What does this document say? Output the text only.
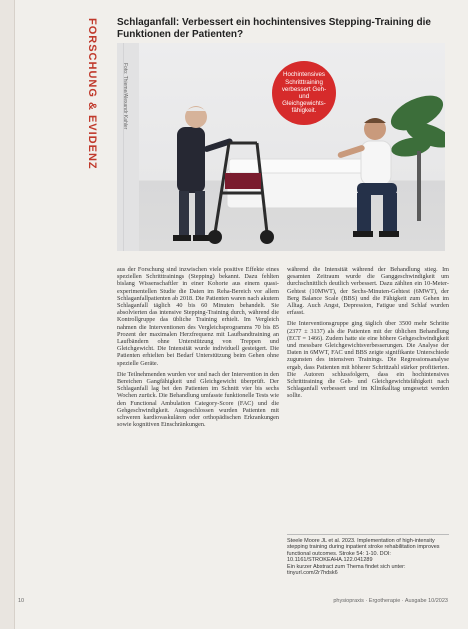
FORSCHUNG & EVIDENZ Schlaganfall: Verbessert ein hochintensives Stepping-Training die Funktionen der Patienten?
Hochintensives Schritttraining verbessert Geh- und Gleichgewichts- fähigkeit.
Foto: Thieme/Alexandr Kahler

aus der Forschung sind inzwischen viele positive Effekte eines speziellen Schritttrainings (Stepping) bekannt. Dazu fehlten bislang Wissenschaftler in einer Kohorte aus einem quasi-experimentellen Studie die Daten im Reha-Bereich vor allem Schlaganfallpatienten ab 2018. Die Patienten waren nach akutem Schlaganfall täglich 40 bis 60 Minuten behandelt. Sie absolvierten das intensive Stepping-Training durch, während die Kontrollgruppe das übliche Training erhielt. Im Vergleich nahmen die Interventionen des Vergleichsprogramms 70 bis 85 Prozent der maximalen Herzfrequenz mit Laufbandtraining an Laufbändern ohne Unterstützung von Treppen und Gleichgewicht. Die Intensität wurde individuell gesteigert. Die Patienten erhielten bei Bedarf Unterstützung beim Gehen ohne spezielle Geräte.

Die Teilnehmenden wurden vor und nach der Intervention in den Bereichen Gangfähigkeit und Gleichgewicht überprüft. Der Schlaganfall lag bei den Patienten im Schnitt vier bis sechs Wochen zurück. Die Behandlung umfasste funktionelle Tests wie den Functional Ambulation Category-Score (FAC) und die Gehgeschwindigkeit. Ausgeschlossen wurden Patienten mit schweren kardiovaskulären oder orthopädischen Erkrankungen sowie kognitiven Einschränkungen.

während die Intensität während der Behandlung stieg. Im gesamten Zeitraum wurde die Ganggeschwindigkeit um durchschnittlich deutlich verbessert. Dazu zählten ein 10-Meter-Gehtest (10MWT), der Sechs-Minuten-Gehtest (6MWT), der Berg Balance Scale (BBS) und die Fähigkeit zum Gehen im Alltag. Auch Angst, Depression, Fatigue und Schlaf wurden erfasst.

Die Interventionsgruppe ging täglich über 3500 mehr Schritte (2377 ± 3137) als die Patienten mit der üblichen Behandlung (ECT = 1466). Zudem hatte sie eine höhere Gehgeschwindigkeit und messbare Gleichgewichtsverbesserungen. Die Analyse der Daten in 6MWT, FAC und BBS zeigte signifikante Unterschiede zugunsten des intensiven Trainings. Die Regressionsanalyse ergab, dass Patienten mit höherer Schrittzahl stärker profitierten. Die Autoren schlussfolgern, dass ein hochintensives Schritttraining die Geh- und Gleichgewichtsfähigkeit nach Schlaganfall verbessert und im Klinikalltag umgesetzt werden sollte.

Steele Moore JL et al. 2023. Implementation of high-intensity stepping training during inpatient stroke rehabilitation improves functional outcomes. Stroke 54: 1-10. DOI: 10.1161/STROKEAHA.122.041289
Ein kurzer Abstract zum Thema findet sich unter: tinyurl.com/2r7hdsk6
10	physiopraxis · Ergotherapie · Ausgabe 10/2023
